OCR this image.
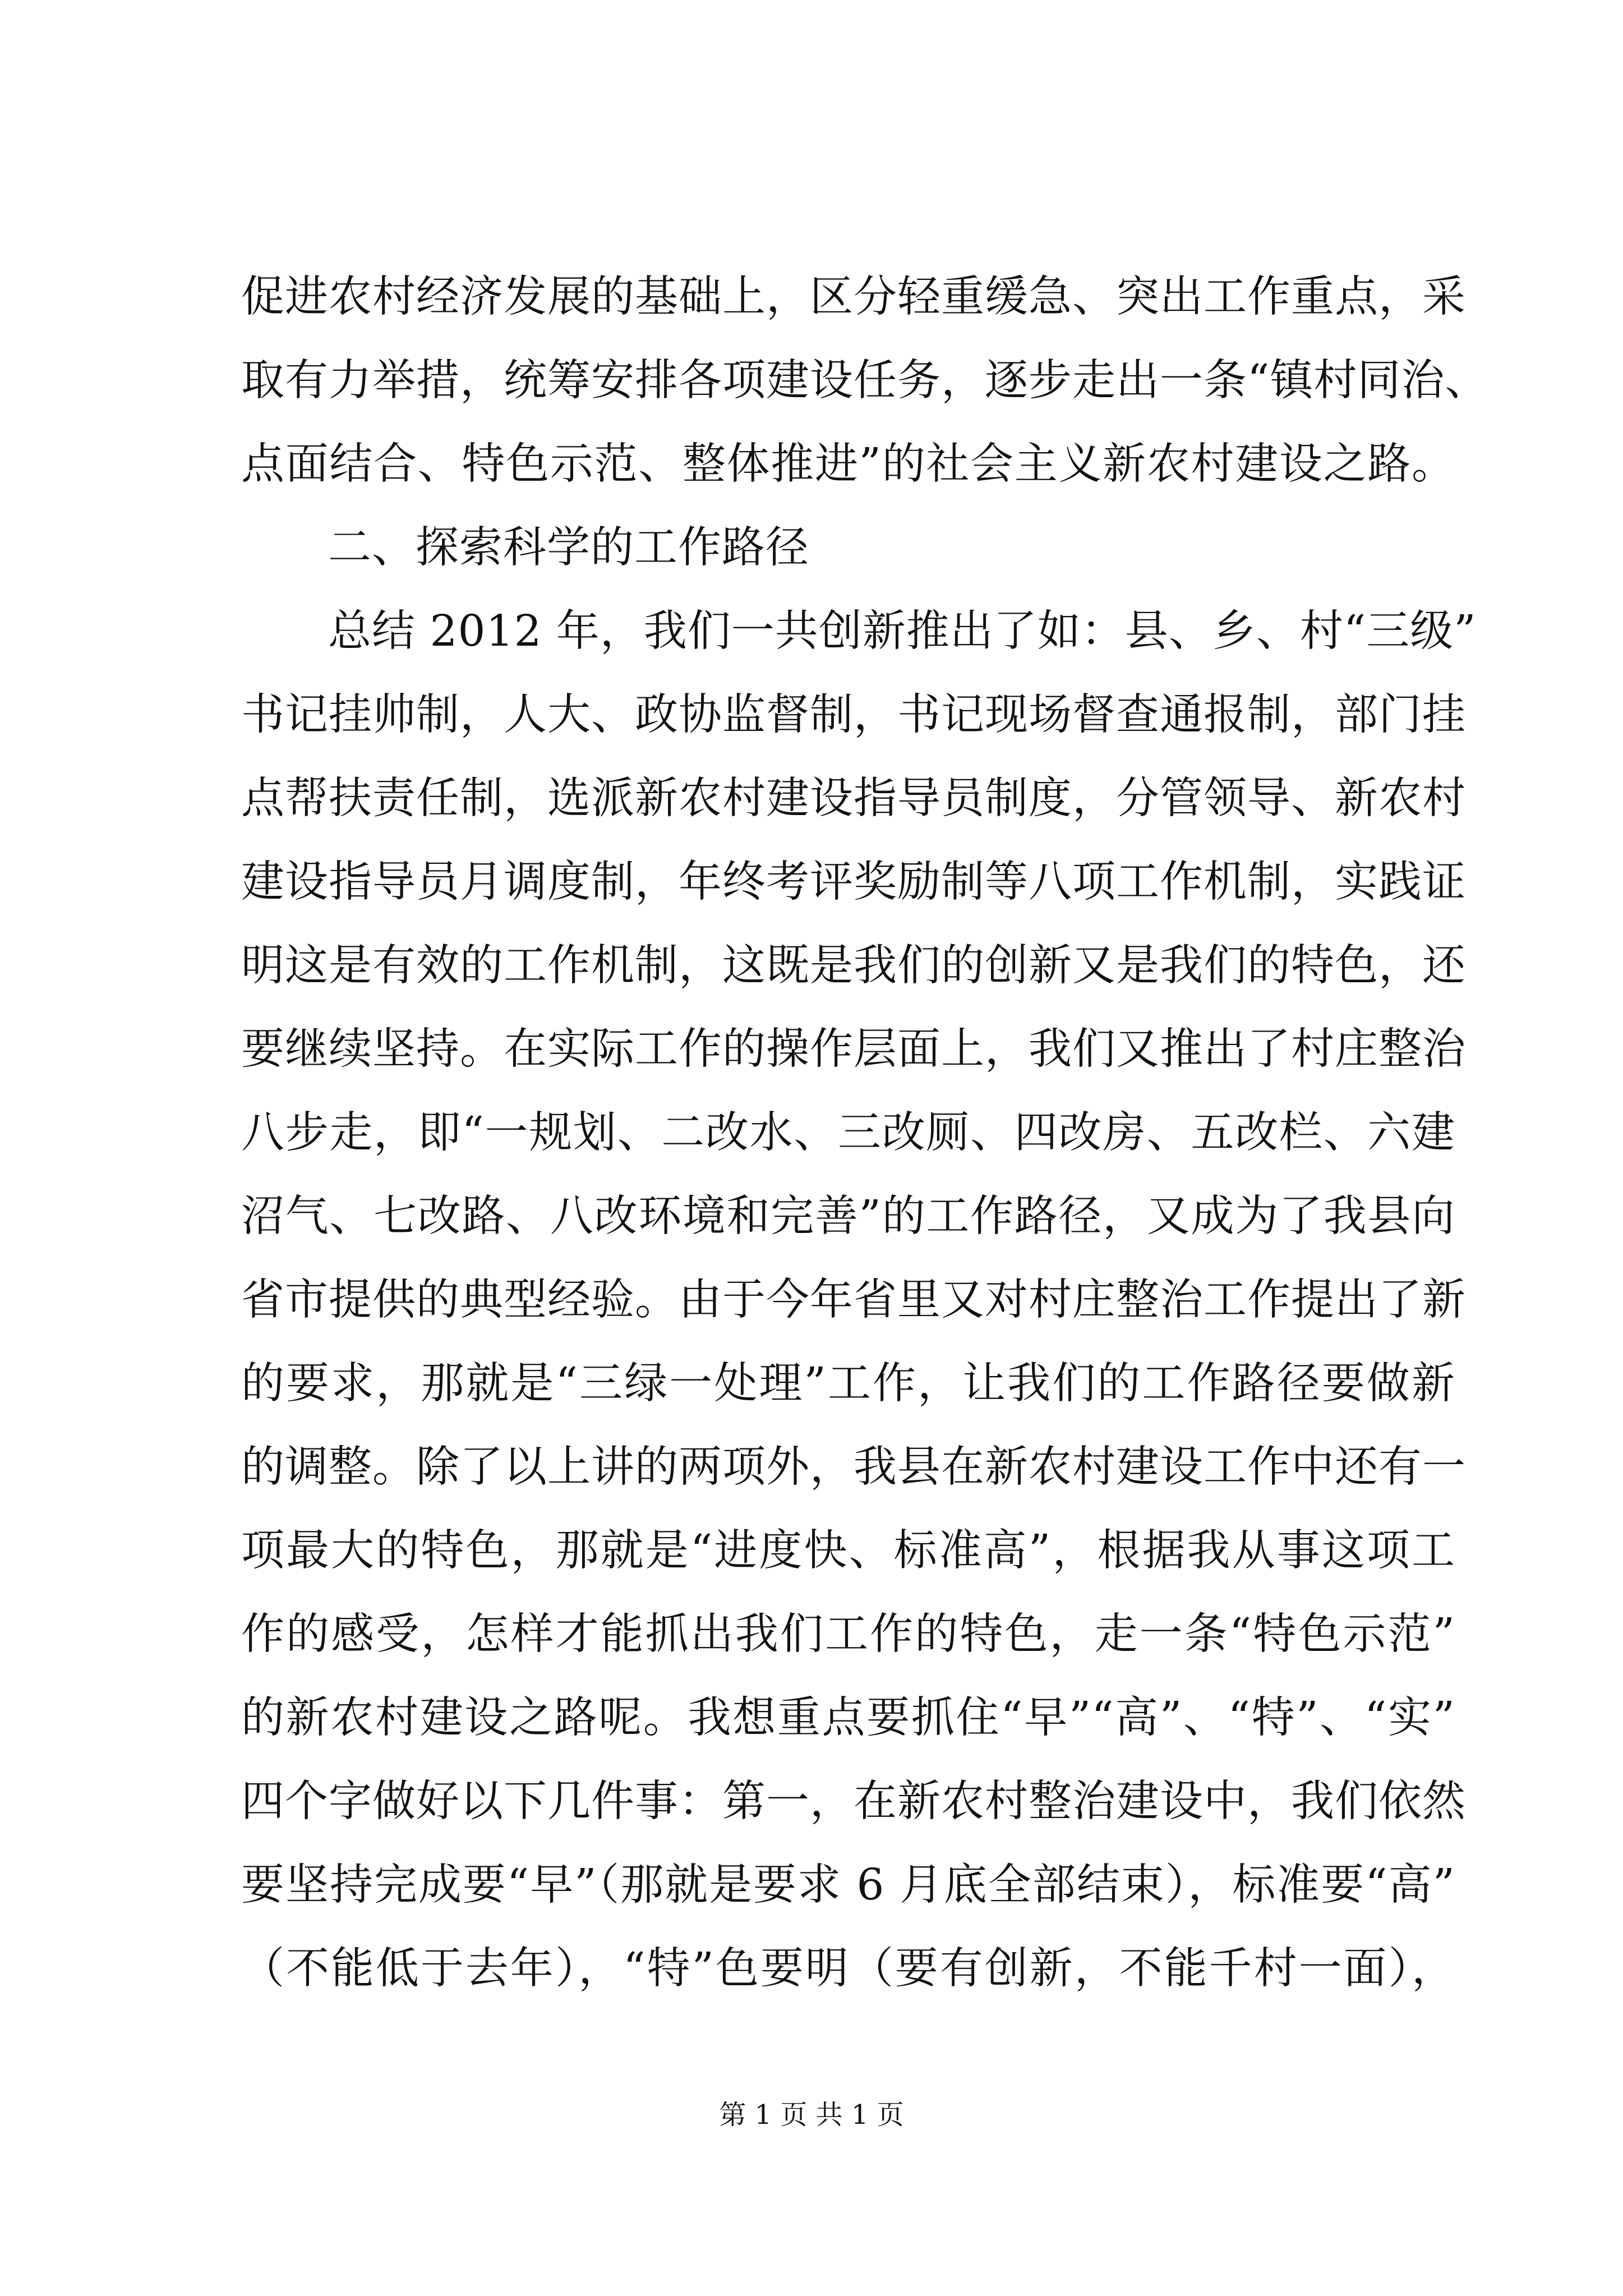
促进农村经济发展的基础上，区分轻重缓急、突出工作重点，采
取有力举措，统筹安排各项建设任务，逐步走出一条“镇村同治、
点面结合、特色示范、整体推进”的社会主义新农村建设之路。
二、探索科学的工作路径
总结 2012 年，我们一共创新推出了如：县、乡、村“三级”
书记挂帅制，人大、政协监督制，书记现场督查通报制，部门挂
点帮扶责任制，选派新农村建设指导员制度，分管领导、新农村
建设指导员月调度制，年终考评奖励制等八项工作机制，实践证
明这是有效的工作机制，这既是我们的创新又是我们的特色，还
要继续坚持。在实际工作的操作层面上，我们又推出了村庄整治
八步走，即“一规划、二改水、三改厕、四改房、五改栏、六建
沼气、七改路、八改环境和完善”的工作路径，又成为了我县向
省市提供的典型经验。由于今年省里又对村庄整治工作提出了新
的要求，那就是“三绿一处理”工作，让我们的工作路径要做新
的调整。除了以上讲的两项外，我县在新农村建设工作中还有一
项最大的特色，那就是“进度快、标准高”，根据我从事这项工
作的感受，怎样才能抓出我们工作的特色，走一条“特色示范”
的新农村建设之路呢。我想重点要抓住“早”“高”、“特”、“实”
四个字做好以下几件事：第一，在新农村整治建设中，我们依然
要坚持完成要“早”（那就是要求 6 月底全部结束），标准要“高”
（不能低于去年），“特”色要明（要有创新，不能千村一面），
第 1 页 共 1 页
